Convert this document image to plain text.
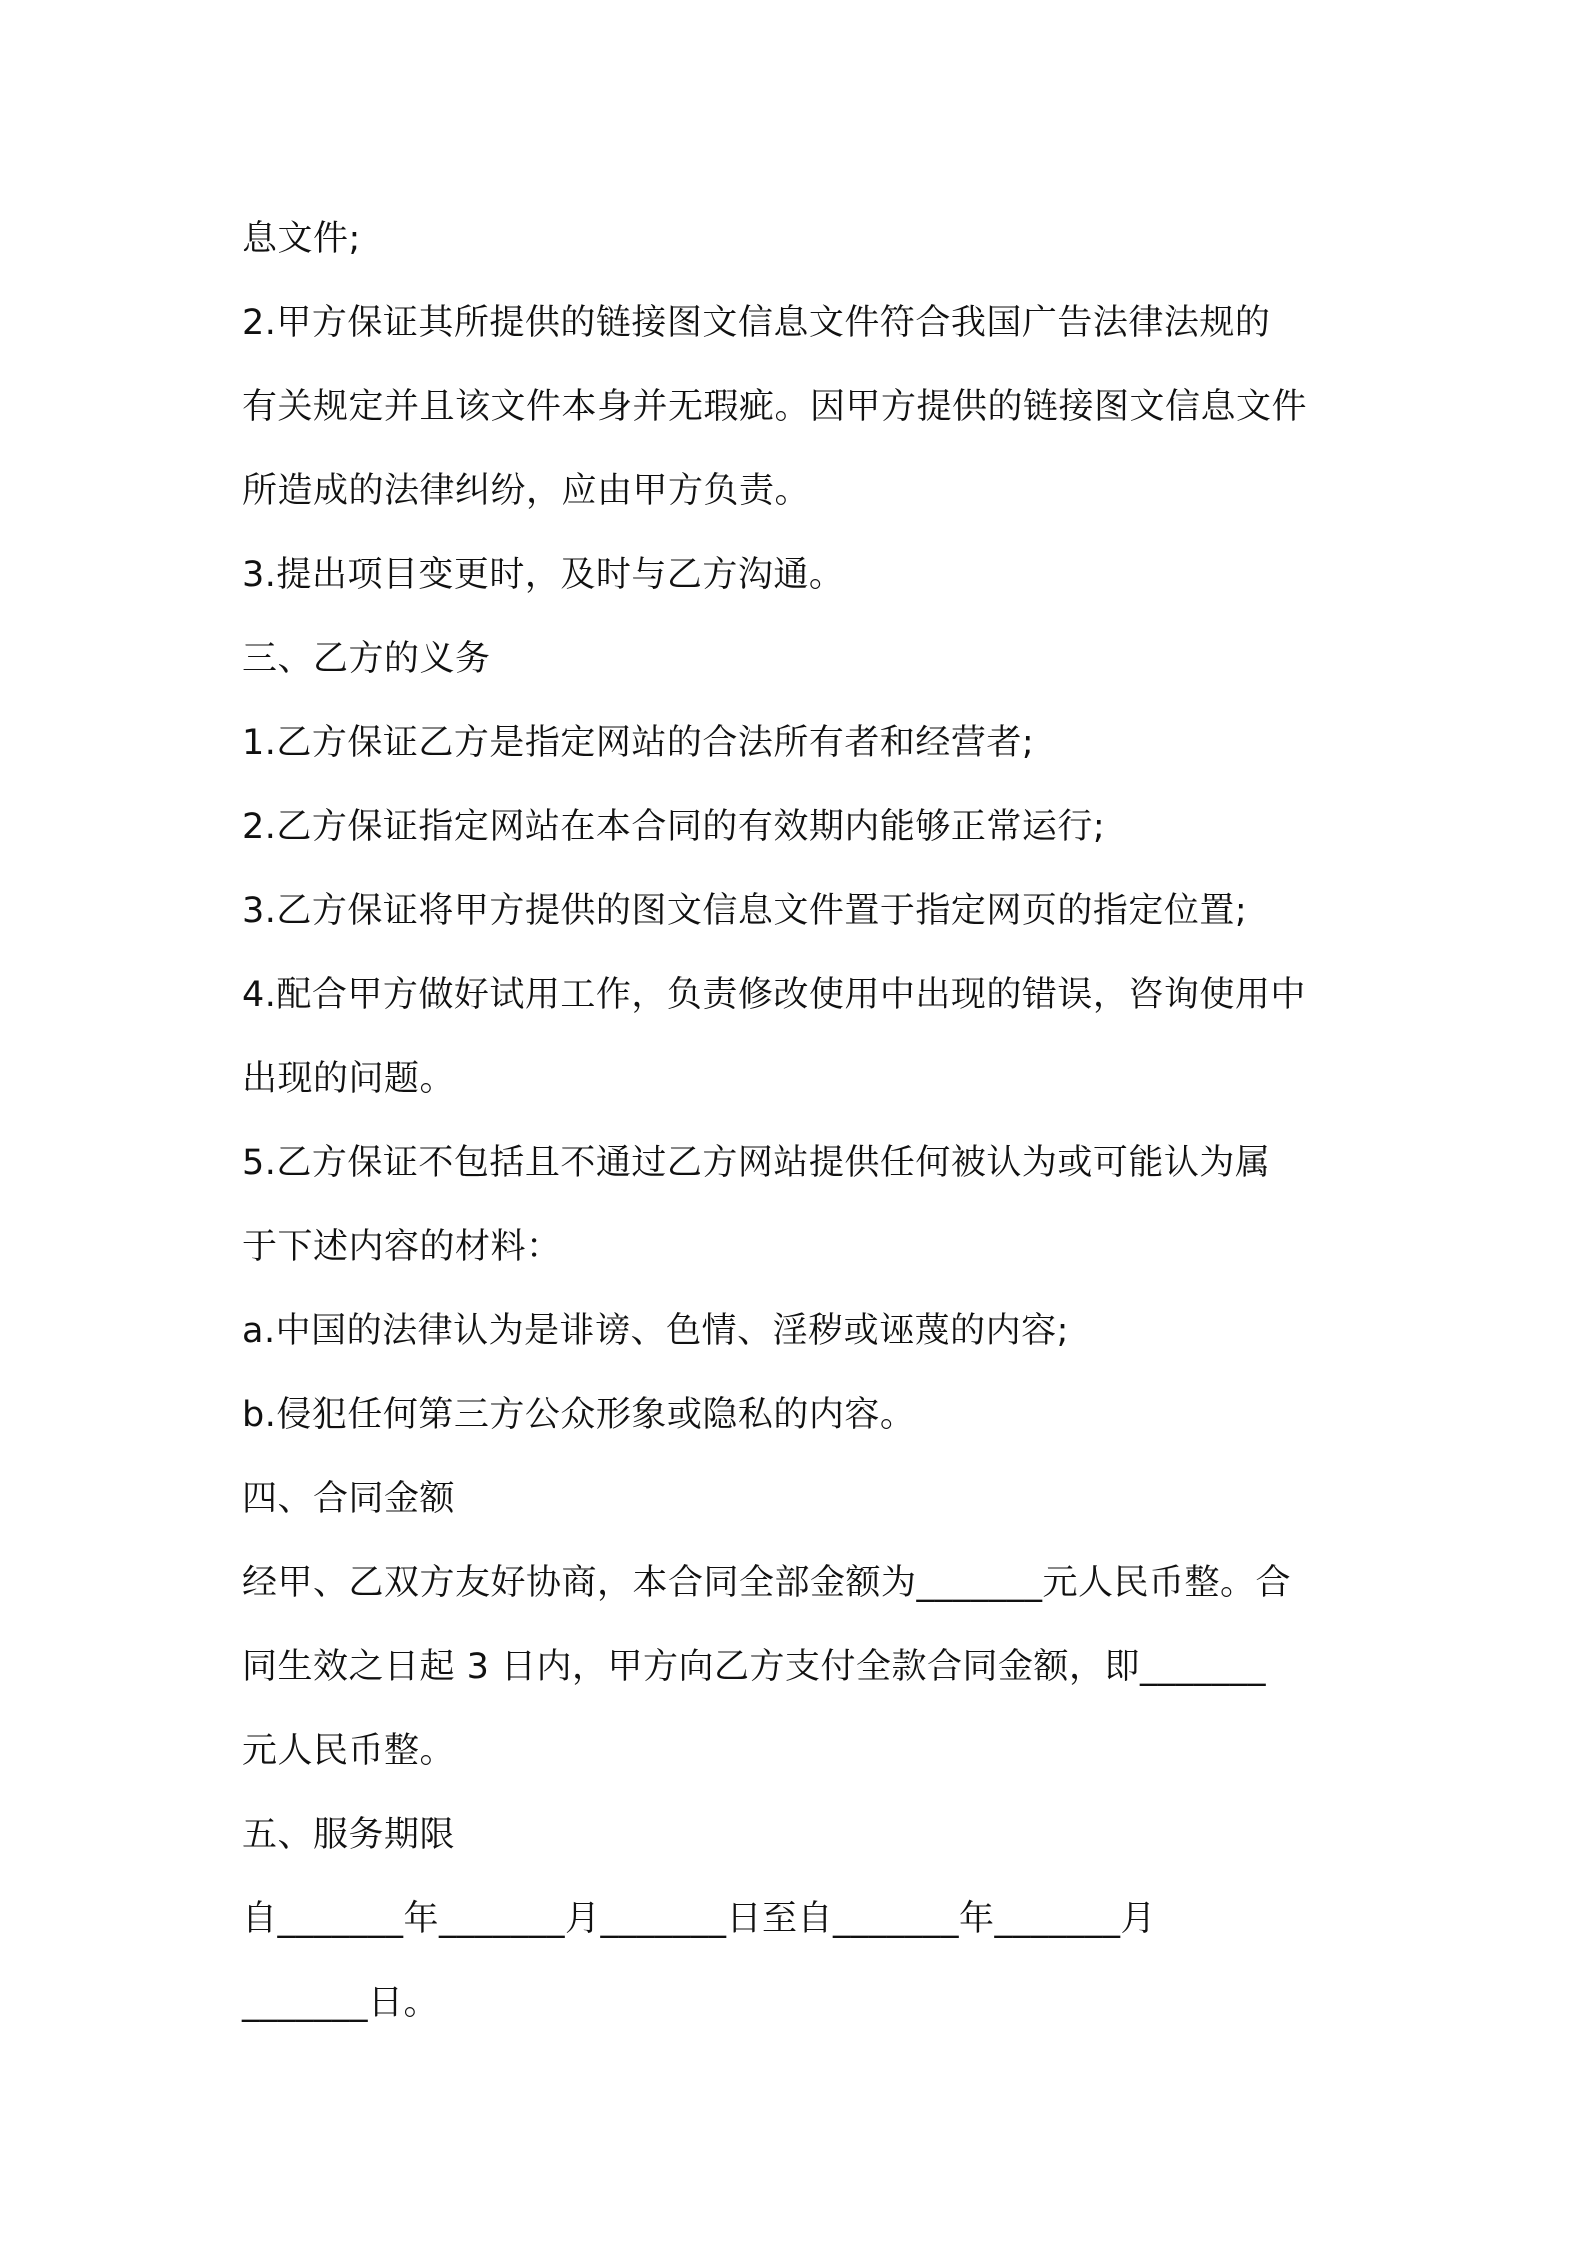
息文件;
2.甲方保证其所提供的链接图文信息文件符合我国广告法律法规的
有关规定并且该文件本身并无瑕疵。因甲方提供的链接图文信息文件
所造成的法律纠纷，应由甲方负责。
3.提出项目变更时，及时与乙方沟通。
三、乙方的义务
1.乙方保证乙方是指定网站的合法所有者和经营者;
2.乙方保证指定网站在本合同的有效期内能够正常运行;
3.乙方保证将甲方提供的图文信息文件置于指定网页的指定位置;
4.配合甲方做好试用工作，负责修改使用中出现的错误，咨询使用中
出现的问题。
5.乙方保证不包括且不通过乙方网站提供任何被认为或可能认为属
于下述内容的材料：
a.中国的法律认为是诽谤、色情、淫秽或诬蔑的内容;
b.侵犯任何第三方公众形象或隐私的内容。
四、合同金额
经甲、乙双方友好协商，本合同全部金额为_______元人民币整。合
同生效之日起 3 日内，甲方向乙方支付全款合同金额，即_______
元人民币整。
五、服务期限
自_______年_______月_______日至自_______年_______月
_______日。
